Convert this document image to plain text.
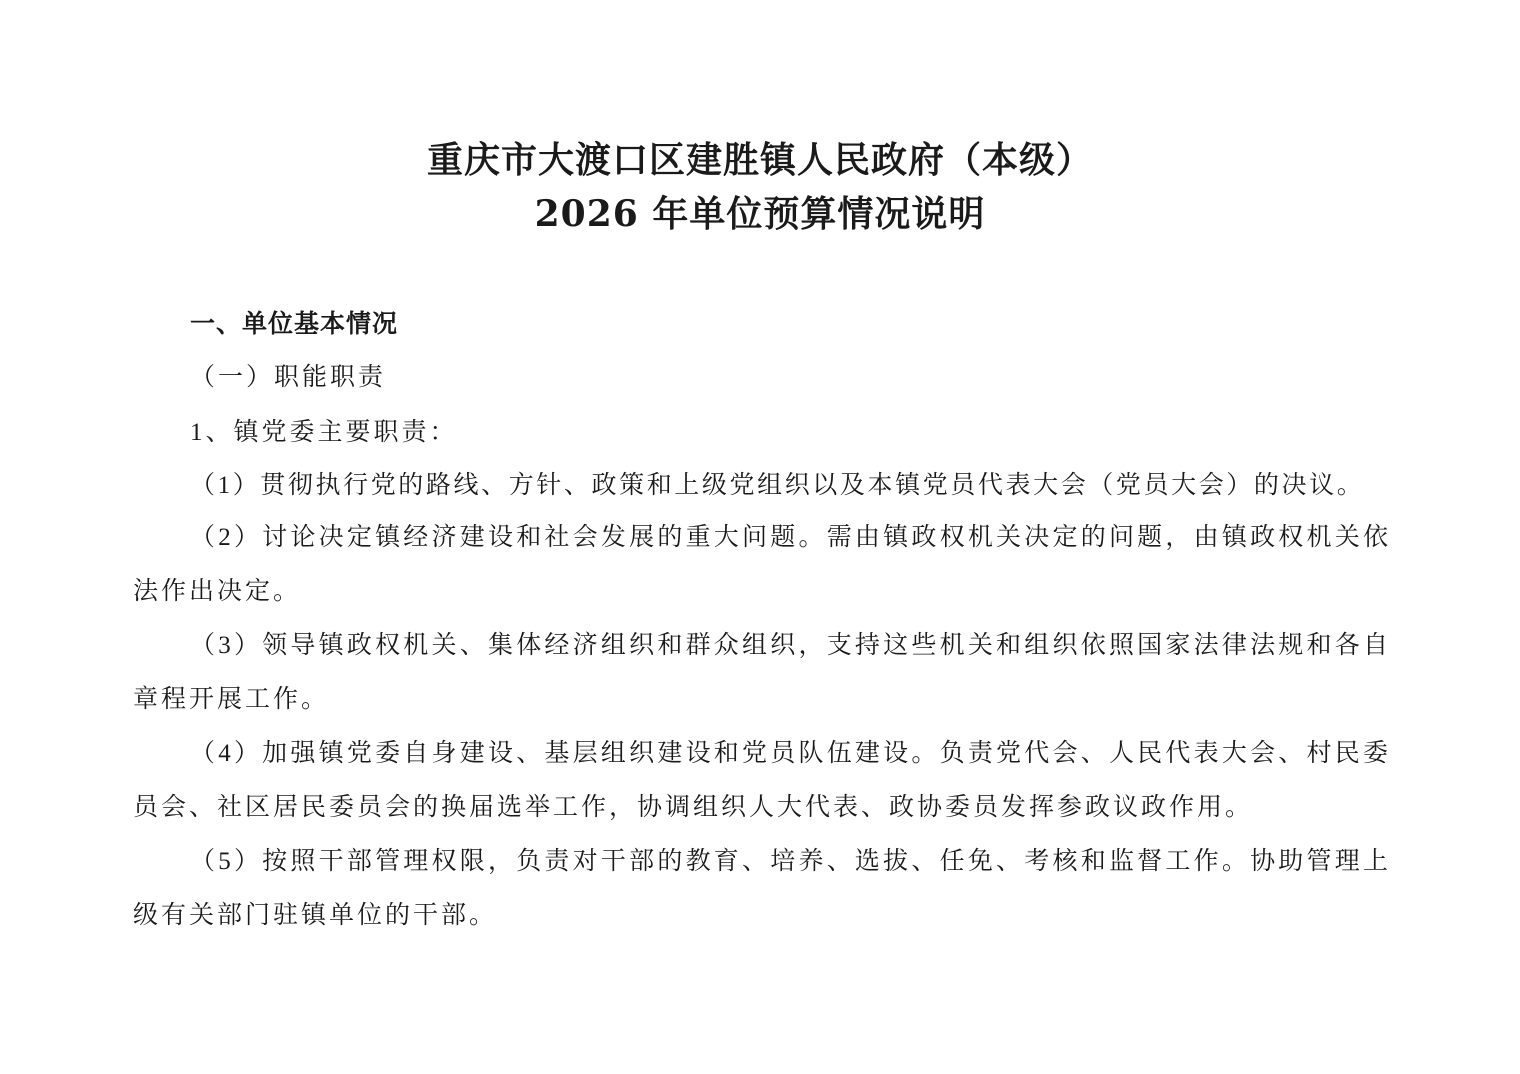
重庆市大渡口区建胜镇人民政府（本级）
2026 年单位预算情况说明
一、单位基本情况
（一）职能职责
1、镇党委主要职责：
（1）贯彻执行党的路线、方针、政策和上级党组织以及本镇党员代表大会（党员大会）的决议。
（2）讨论决定镇经济建设和社会发展的重大问题。需由镇政权机关决定的问题，由镇政权机关依法作出决定。
（3）领导镇政权机关、集体经济组织和群众组织，支持这些机关和组织依照国家法律法规和各自章程开展工作。
（4）加强镇党委自身建设、基层组织建设和党员队伍建设。负责党代会、人民代表大会、村民委员会、社区居民委员会的换届选举工作，协调组织人大代表、政协委员发挥参政议政作用。
（5）按照干部管理权限，负责对干部的教育、培养、选拔、任免、考核和监督工作。协助管理上级有关部门驻镇单位的干部。
